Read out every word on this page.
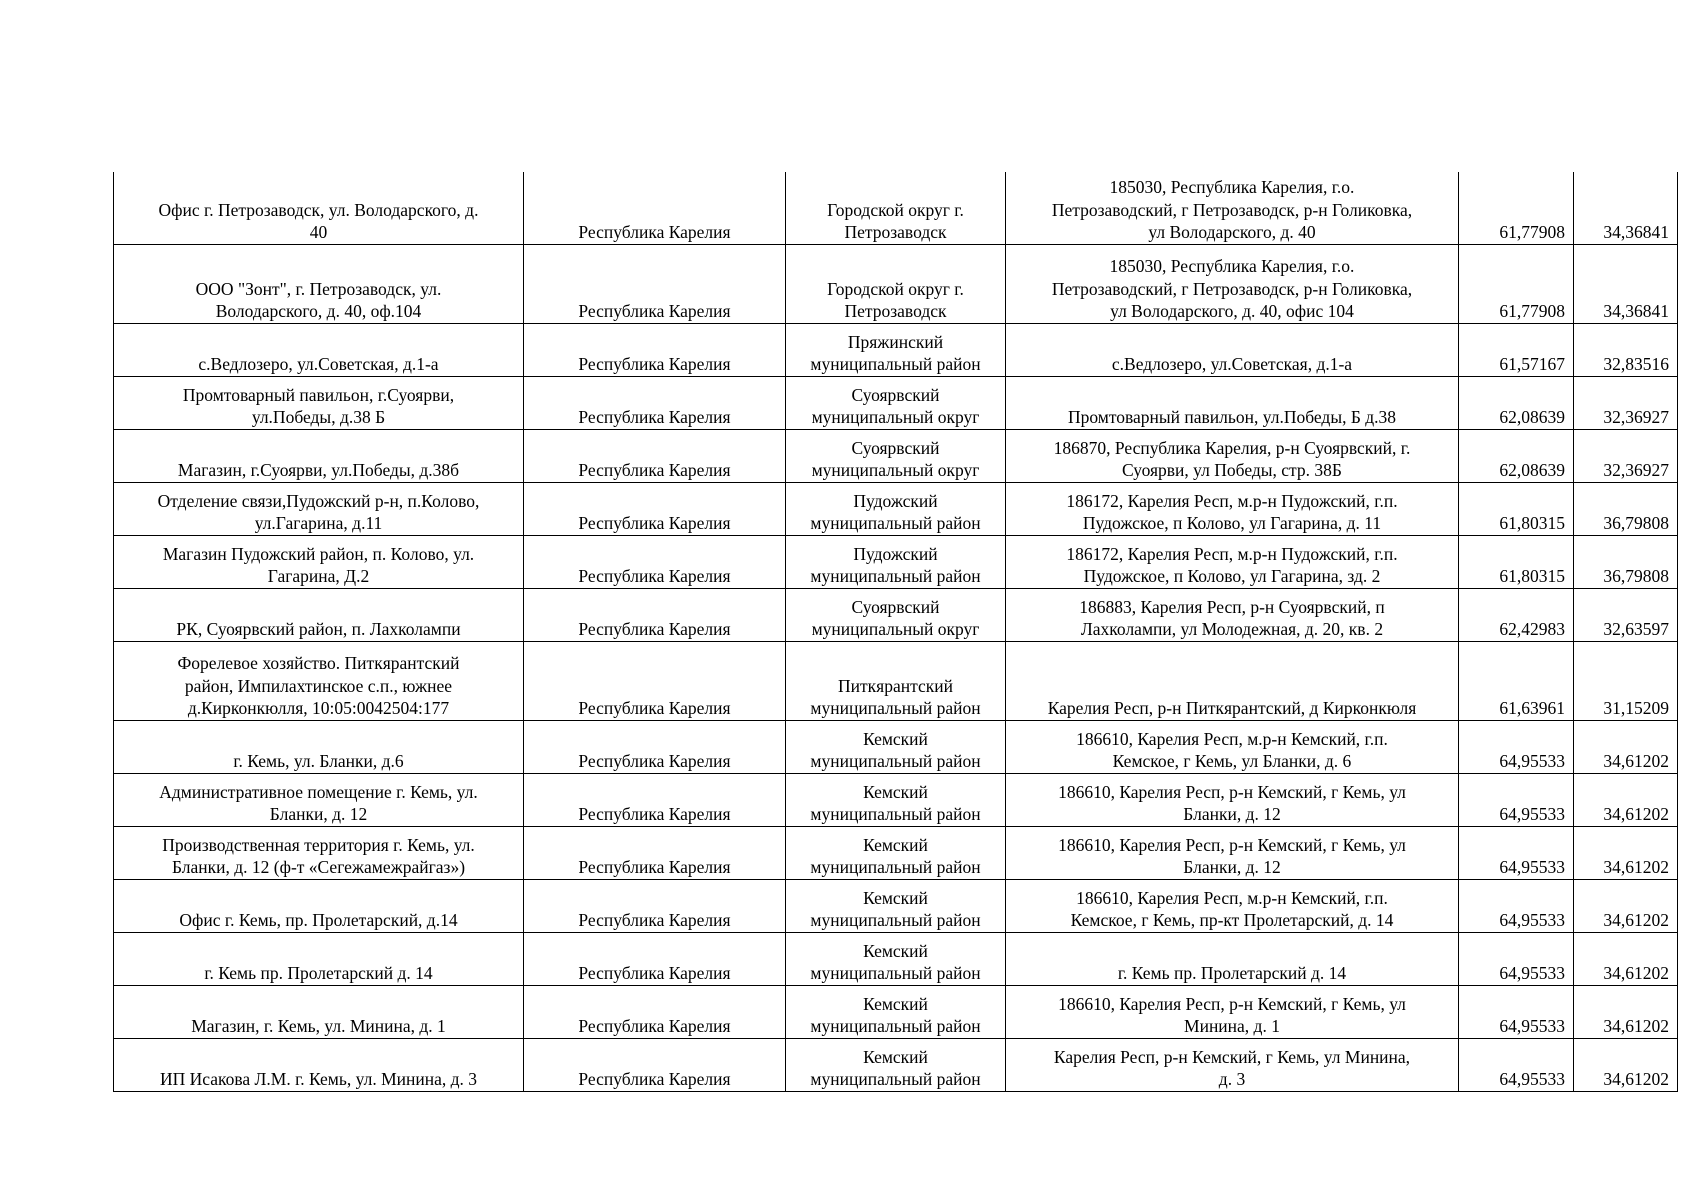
Офис г. Петрозаводск, ул. Володарского, д.
40	Республика Карелия	Городской округ г.
Петрозаводск	185030, Республика Карелия, г.о.
Петрозаводский, г Петрозаводск, р-н Голиковка,
ул Володарского, д. 40	61,77908	34,36841
ООО "Зонт", г. Петрозаводск, ул.
Володарского, д. 40, оф.104	Республика Карелия	Городской округ г.
Петрозаводск	185030, Республика Карелия, г.о.
Петрозаводский, г Петрозаводск, р-н Голиковка,
ул Володарского, д. 40, офис 104	61,77908	34,36841
с.Ведлозеро, ул.Советская, д.1-а	Республика Карелия	Пряжинский
муниципальный район	с.Ведлозеро, ул.Советская, д.1-а	61,57167	32,83516
Промтоварный павильон, г.Суоярви,
ул.Победы, д.38 Б	Республика Карелия	Суоярвский
муниципальный округ	Промтоварный павильон, ул.Победы, Б д.38	62,08639	32,36927
Магазин, г.Суоярви, ул.Победы, д.38б	Республика Карелия	Суоярвский
муниципальный округ	186870, Республика Карелия, р-н Суоярвский, г.
Суоярви, ул Победы, стр. 38Б	62,08639	32,36927
Отделение связи,Пудожский р-н, п.Колово,
ул.Гагарина, д.11	Республика Карелия	Пудожский
муниципальный район	186172, Карелия Респ, м.р-н Пудожский, г.п.
Пудожское, п Колово, ул Гагарина, д. 11	61,80315	36,79808
Магазин Пудожский район, п. Колово, ул.
Гагарина, Д.2	Республика Карелия	Пудожский
муниципальный район	186172, Карелия Респ, м.р-н Пудожский, г.п.
Пудожское, п Колово, ул Гагарина, зд. 2	61,80315	36,79808
РК, Суоярвский район, п. Лахколампи	Республика Карелия	Суоярвский
муниципальный округ	186883, Карелия Респ, р-н Суоярвский, п
Лахколампи, ул Молодежная, д. 20, кв. 2	62,42983	32,63597
Форелевое хозяйство. Питкярантский
район, Импилахтинское с.п., южнее
д.Кирконкюлля, 10:05:0042504:177	Республика Карелия	Питкярантский
муниципальный район	Карелия Респ, р-н Питкярантский, д Кирконкюля	61,63961	31,15209
г. Кемь, ул. Бланки, д.6	Республика Карелия	Кемский
муниципальный район	186610, Карелия Респ, м.р-н Кемский, г.п.
Кемское, г Кемь, ул Бланки, д. 6	64,95533	34,61202
Административное помещение г. Кемь, ул.
Бланки, д. 12	Республика Карелия	Кемский
муниципальный район	186610, Карелия Респ, р-н Кемский, г Кемь, ул
Бланки, д. 12	64,95533	34,61202
Производственная территория г. Кемь, ул.
Бланки, д. 12 (ф-т «Сегежамежрайгаз»)	Республика Карелия	Кемский
муниципальный район	186610, Карелия Респ, р-н Кемский, г Кемь, ул
Бланки, д. 12	64,95533	34,61202
Офис г. Кемь, пр. Пролетарский, д.14	Республика Карелия	Кемский
муниципальный район	186610, Карелия Респ, м.р-н Кемский, г.п.
Кемское, г Кемь, пр-кт Пролетарский, д. 14	64,95533	34,61202
г. Кемь пр. Пролетарский д. 14	Республика Карелия	Кемский
муниципальный район	г. Кемь пр. Пролетарский д. 14	64,95533	34,61202
Магазин, г. Кемь, ул. Минина, д. 1	Республика Карелия	Кемский
муниципальный район	186610, Карелия Респ, р-н Кемский, г Кемь, ул
Минина, д. 1	64,95533	34,61202
ИП Исакова Л.М. г. Кемь, ул. Минина, д. 3	Республика Карелия	Кемский
муниципальный район	Карелия Респ, р-н Кемский, г Кемь, ул Минина,
д. 3	64,95533	34,61202
